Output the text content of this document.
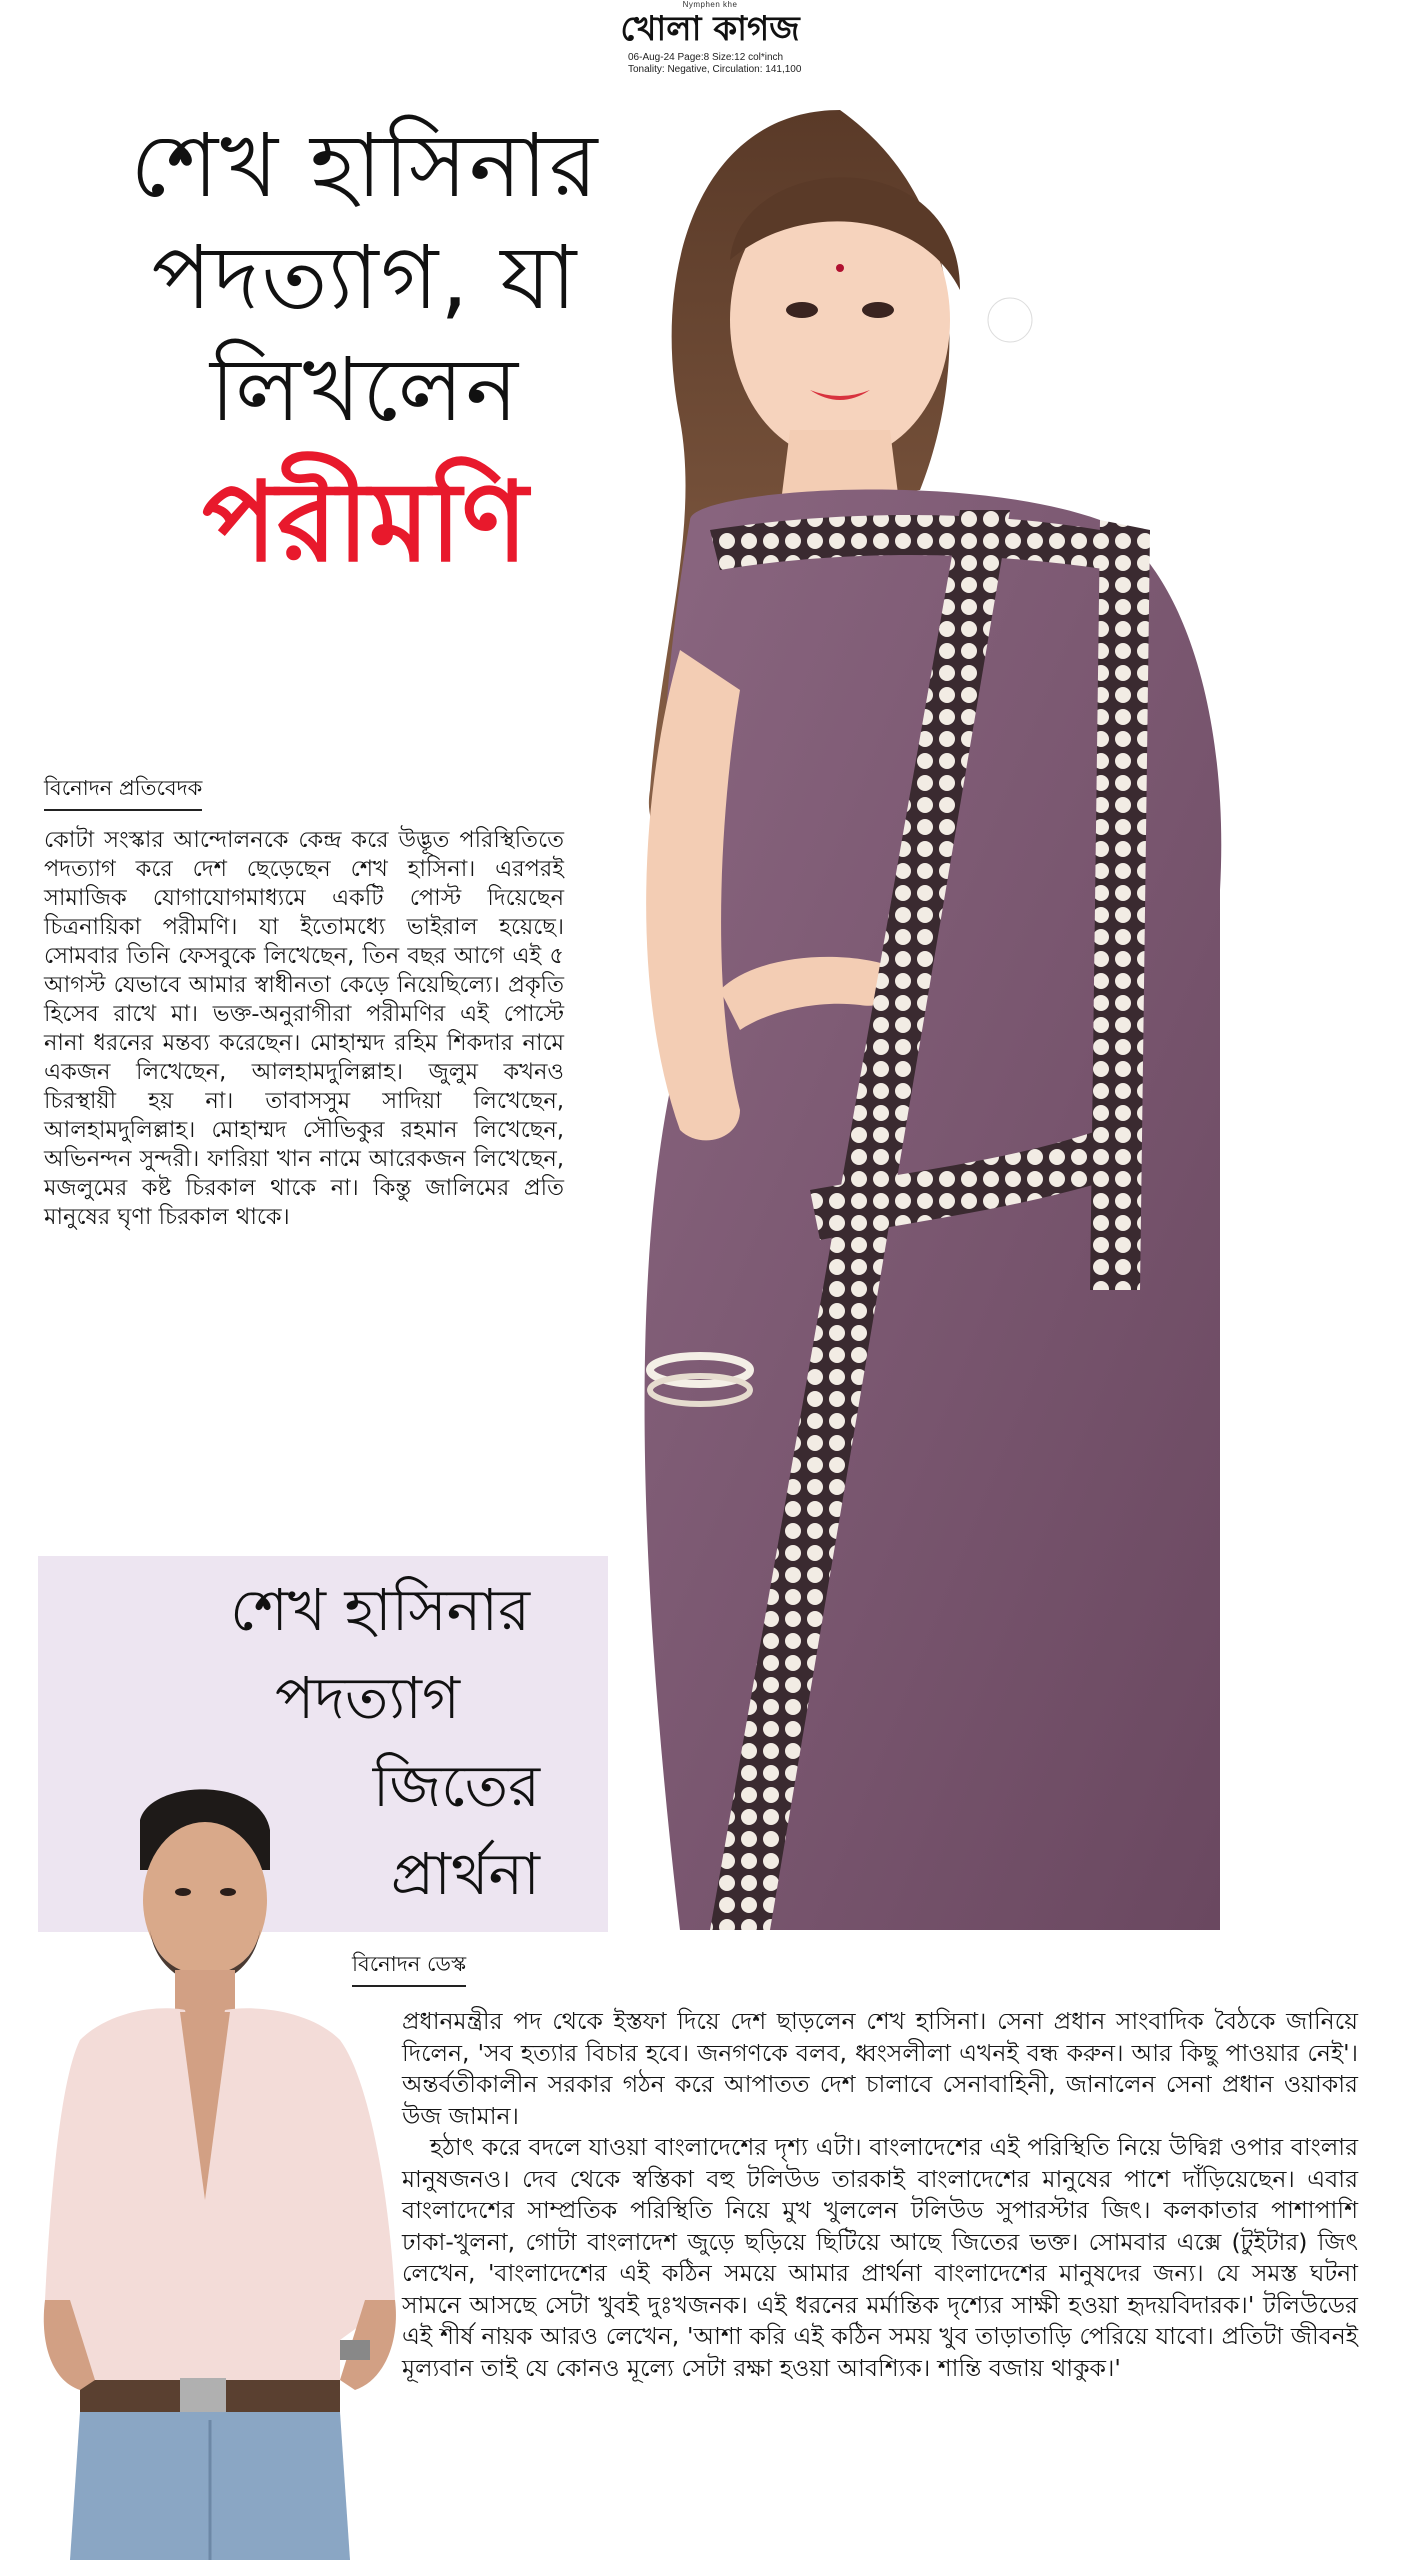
Nymphen khe
খোলা কাগজ
06-Aug-24 Page:8 Size:12 col*inch
Tonality: Negative, Circulation: 141,100
শেখ হাসিনার
পদত্যাগ, যা
লিখলেন
পরীমণি
বিনোদন প্রতিবেদক
কোটা সংস্কার আন্দোলনকে কেন্দ্র করে উদ্ভূত পরিস্থিতিতে পদত্যাগ করে দেশ ছেড়েছেন শেখ হাসিনা। এরপরই সামাজিক যোগাযোগমাধ্যমে একটি পোস্ট দিয়েছেন চিত্রনায়িকা পরীমণি। যা ইতোমধ্যে ভাইরাল হয়েছে। সোমবার তিনি ফেসবুকে লিখেছেন, তিন বছর আগে এই ৫ আগস্ট যেভাবে আমার স্বাধীনতা কেড়ে নিয়েছিল্যে। প্রকৃতি হিসেব রাখে মা। ভক্ত-অনুরাগীরা পরীমণির এই পোস্টে নানা ধরনের মন্তব্য করেছেন। মোহাম্মদ রহিম শিকদার নামে একজন লিখেছেন, আলহামদুলিল্লাহ। জুলুম কখনও চিরস্থায়ী হয় না। তাবাসসুম সাদিয়া লিখেছেন, আলহামদুলিল্লাহ। মোহাম্মদ সৌভিকুর রহমান লিখেছেন, অভিনন্দন সুন্দরী। ফারিয়া খান নামে আরেকজন লিখেছেন, মজলুমের কষ্ট চিরকাল থাকে না। কিন্তু জালিমের প্রতি মানুষের ঘৃণা চিরকাল থাকে।
শেখ হাসিনার
পদত্যাগ
জিতের
প্রার্থনা
বিনোদন ডেস্ক

প্রধানমন্ত্রীর পদ থেকে ইস্তফা দিয়ে দেশ ছাড়লেন শেখ হাসিনা। সেনা প্রধান সাংবাদিক বৈঠকে জানিয়ে দিলেন, 'সব হত্যার বিচার হবে। জনগণকে বলব, ধ্বংসলীলা এখনই বন্ধ করুন। আর কিছু পাওয়ার নেই'। অন্তর্বতীকালীন সরকার গঠন করে আপাতত দেশ চালাবে সেনাবাহিনী, জানালেন সেনা প্রধান ওয়াকার উজ জামান।

হঠাৎ করে বদলে যাওয়া বাংলাদেশের দৃশ্য এটা। বাংলাদেশের এই পরিস্থিতি নিয়ে উদ্বিগ্ন ওপার বাংলার মানুষজনও। দেব থেকে স্বস্তিকা বহু টলিউড তারকাই বাংলাদেশের মানুষের পাশে দাঁড়িয়েছেন। এবার বাংলাদেশের সাম্প্রতিক পরিস্থিতি নিয়ে মুখ খুললেন টলিউড সুপারস্টার জিৎ। কলকাতার পাশাপাশি ঢাকা-খুলনা, গোটা বাংলাদেশ জুড়ে ছড়িয়ে ছিটিয়ে আছে জিতের ভক্ত। সোমবার এক্সে (টুইটার) জিৎ লেখেন, 'বাংলাদেশের এই কঠিন সময়ে আমার প্রার্থনা বাংলাদেশের মানুষদের জন্য। যে সমস্ত ঘটনা সামনে আসছে সেটা খুবই দুঃখজনক। এই ধরনের মর্মান্তিক দৃশ্যের সাক্ষী হওয়া হৃদয়বিদারক।' টলিউডের এই শীর্ষ নায়ক আরও লেখেন, 'আশা করি এই কঠিন সময় খুব তাড়াতাড়ি পেরিয়ে যাবো। প্রতিটা জীবনই মূল্যবান তাই যে কোনও মূল্যে সেটা রক্ষা হওয়া আবশ্যিক। শান্তি বজায় থাকুক।'
